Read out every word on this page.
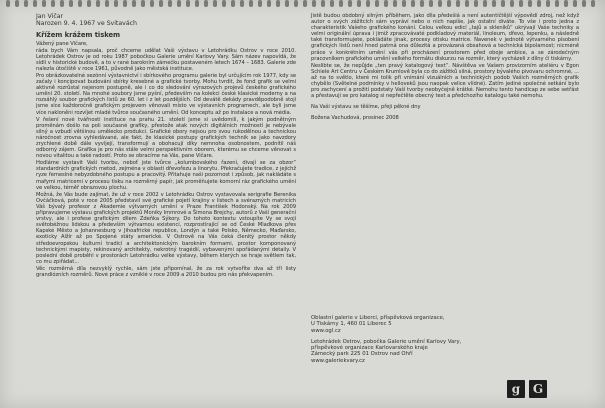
Jan Vičar
Narozen 9. 4. 1967 ve Svitavách
Křížem krážem tiskem

Vážený pane Vičare,

ráda bych Vám napsala, proč chceme udělat Vaši výstavu v Letohrádku Ostrov v roce 2010. Letohrádek Ostrov je od roku 1987 pobočkou Galerie umění Karlovy Vary. Sám název napovídá, že sídlí v historické budově, a to v rané barokním zámečku postaveném letech 1674 – 1683. Galerie zde nalezla útočiště v roce 1961, původně jako městská instituce.

Pro obrázkovatelné sezónní výstavnictví i sbírkového programu galerie byl určujícím rok 1977, kdy se začaly i koncipovat budování sbírky kresebné a grafické tvorby. Mohu tvrdit, že fond grafik se velmi aktivně rozrůstal nejenom postupně, ale i co do sledování výrazových projevů českého grafického umění 20. století. Na mnohé soubory jsme pyšní, především na kolekci české klasické moderny a na rozsáhlý soubor grafických listů ze 60. let i z let pozdějších. Od devátě dekády pravděpodobně stojí jsme síce každoročně grafickým projevem věnovali místo ve výstavních programech, ale byli jsme více nakloněni rozvíjet mladé tvůrce současného umění. Od konceptu až po instalace a nová média.

V řešení nové tvářnosti instituce na prahu 21. století jsme si uvědomili, k jakým podnětným proměnám došlo na poli současné grafiky, přestože atak nových digitálních možností je nebývale silný a vzbudí většinou umělecko produkci. Grafické obory nejsou pro svou rukodělnou a technickou náročnost zrovna vyhledávané, ale fakt, že klasické postupy grafických technik se jako navzdory zrychlené době dále vyvíjejí, transformují a obohacují díky nemnoha osobnostem, podnítil náš odborný zájem. Grafika je pro nás stále velmi perspektivním oborem, kterému se chceme věnovat s novou vitalitou a také radostí. Proto se obracíme na Vás, pane Vičare.

Hodláme vystavit Vaši tvorbu, neboť jste tvůrce „kolumbovského řazení, divají se za obzor“ standardních grafických metod, zejména v oblasti dřevořezu a linorytu. Překračujete tradice, z jejichž ryze řemeslné nebyzdobného postupu a pracovitý. Přitahuje naši pozornost i způsob, jak nakládáte s mafymi matricemi v procesu tisku na rozměrný papír, jak proměňujete komorní ráz grafického umění ve velkou, téměř obrazovou plochu.

Možná, že Vás bude zajímat, že už v roce 2002 v Letohrádku Ostrov vystavovala serigrafie Berenika Ovčáčková, poté v roce 2005 představil své grafické pojetí krajiny v listech a svérazných matricích Váš bývalý profesor z Akademie výtvarných umění v Praze František Hodonský. Na rok 2009 připravujeme výstavu grafických projektů Moniky Immrové a Šimona Brejchy, autorů z Vaší generační vrstvy, ale i profese grafickým dílem Zdeňka Sýkory. Do tohoto kontextu vstoupíte Vy se svojí světobéžnou lidskou a především výtvarnou existencí, rozprostírající se od České Mladkova přes Kapské Město a Johannesburg v Jihoafrické republice, Londýn a také Polsko, Německo, Maďarsko, exoticky Alžír až po Spojené státy americké. V Ostrově na Vás čeká členitý prostor někdy středoevropskou kulturní tradicí a architektonickým barokním formami, prostor komponovaný technickými mapisty, rekinovaný architekty, nekrotný tragédií, vybavenými spořádanými detaily. V poslední době proběhl v prostorách Letohrádku velké výstavy, během kterých se hraje světlem tak, co mu zpiřádat...

Věc rozměrná díla nezvyklý rychle, sám jste připomínal, že za rok vytvoříte dva až tři listy grandiózních rozměrů. Nové práce z vzniklé v roce 2009 a 2010 budou pro nás překvapením.

Jistě budou obdobný silným příběhem, jako díla předešlá a není autentičtější výpovědí zdroj, než když autor o svých zážitcích sám vypráví nebo o nich napíše, jak ostatní diváte. To vše i proto jedna z charakteristik Vašeho grafického konání. Celou velkou edicí „tajů a skleníků“ ukrývají Vaše techniky a velmi originální úprava i jimiž zpracovávaté podkladový materiál, linoleum, dřevo, lepenku, a následně také transformujete, pokládáte jinak, procesy otisku matrice. Navenek v jednotě výtvarného písobení grafických listů není hned patrná ona důlezitá a provázaná obsahová a technická bipolarnost; nicméně práce v konkrétním umění vás při procházení prostorem před oboje ambice, a se zárodečným pracovníkem grafického umění velkého formátu diskurzu na rozměr, který vycházeli z dílny či tiskárny.

Neslibte se, že nepůjde „ten pravý katalogový text“. Návštěva ve Vašem provizorním ateliéru v Egon Schiele Art Centru v Českém Krumlově byla co do zážitků silná, prostory bývalého pivovaru ochromné, ... až na to světlo, které mi tolik při vnímání vizuálních a technických podob Vašich rozměrných grafik chybělo (Světelné podmínky v helloveků jsou naopak velice vlídné). Zatím jediné společné setkání bylo pro zachycení a prožití podstaty Vaší tvorby neobyčejně krátké. Nemohu tento handicap ze sebe setřást a přestavuji se pro katalog si nepřečtěte obecný text a předchozího katalogu také nemohu.

Na Vaši výstavu se těšíme, přeji pěkné dny

Božena Vachudová, prosinec 2008

Oblastní galerie v Liberci, příspěvková organizace,

U Tiskárny 1, 460 01 Liberec 5

www.ogl.cz

Letohrádek Ostrov, pobočka Galerie umění Karlovy Vary,

příspěvkové organizace Karlovarského kraje

Zámecký park 225 01 Ostrov nad Ohří

www.galeriekvary.cz

g	G
